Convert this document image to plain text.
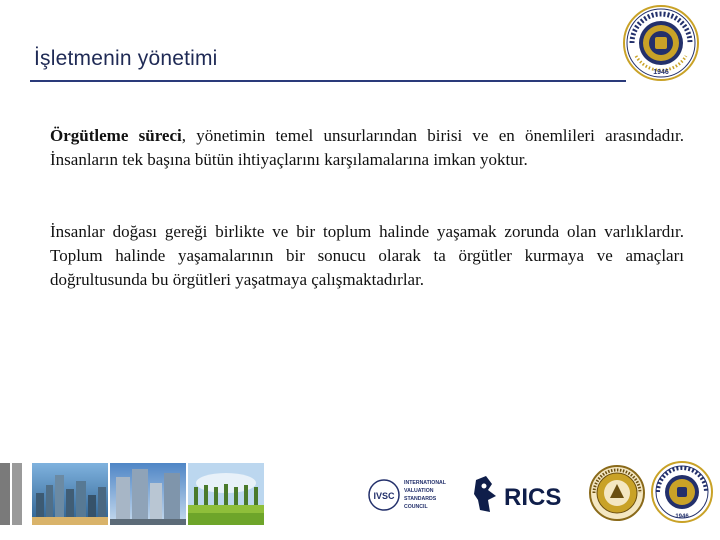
İşletmenin yönetimi
1946
Örgütleme süreci, yönetimin temel unsurlarından birisi ve en önemlileri arasındadır. İnsanların tek başına bütün ihtiyaçlarını karşılamalarına imkan yoktur.
İnsanlar doğası gereği birlikte ve bir toplum halinde yaşamak zorunda olan varlıklardır. Toplum halinde yaşamalarının bir sonucu olarak ta örgütler kurmaya ve amaçları doğrultusunda bu örgütleri yaşatmaya çalışmaktadırlar.
IVSC
INTERNATIONAL
VALUATION
STANDARDS
COUNCIL	RICS
1946
